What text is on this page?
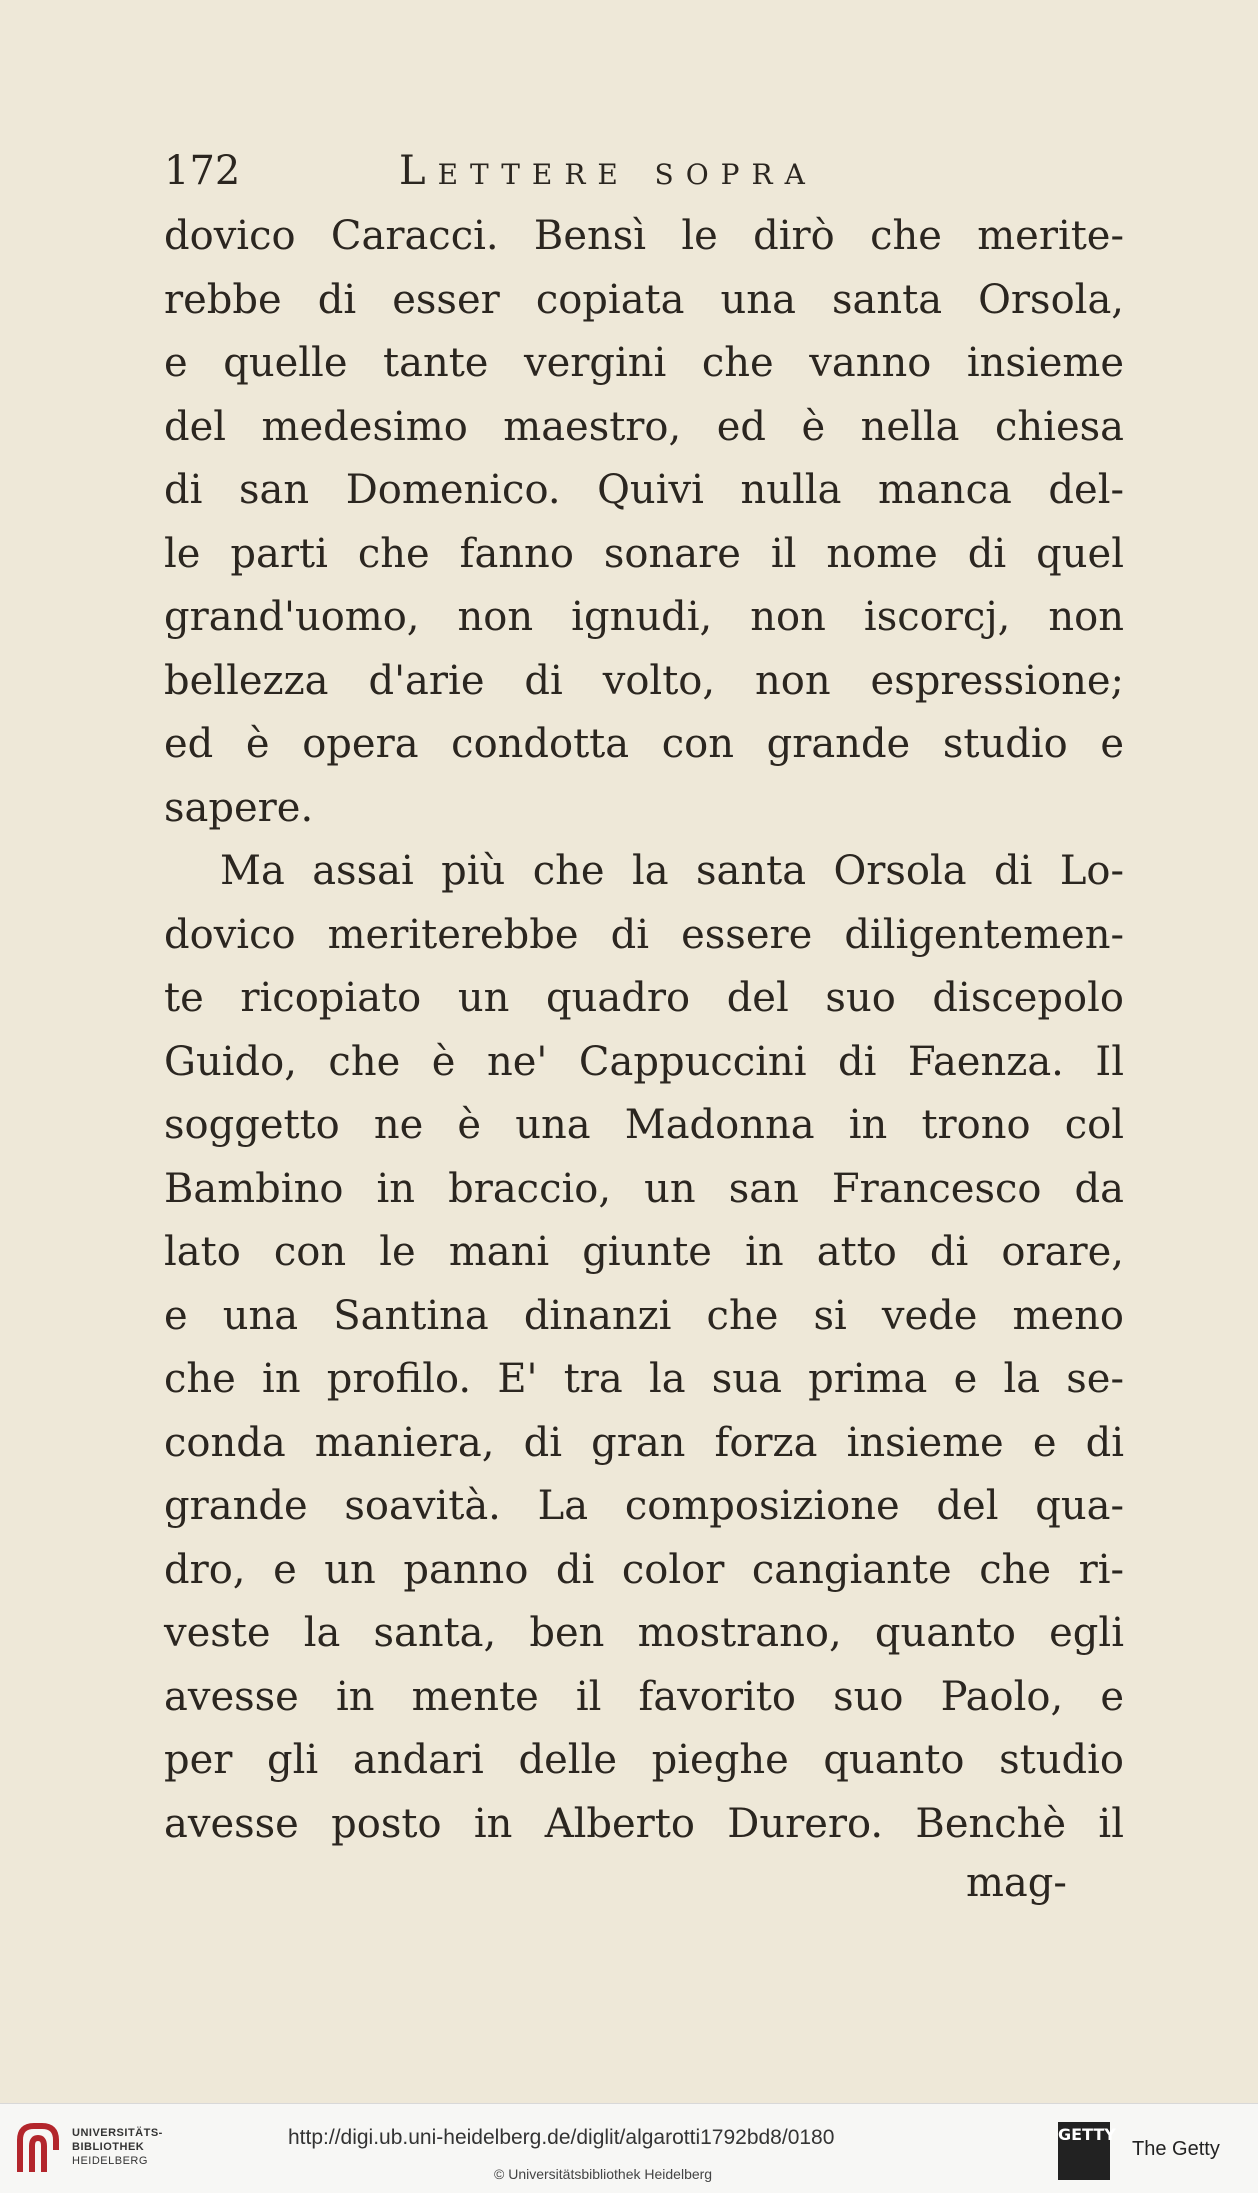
172	Lettere sopra
dovico Caracci. Bensì le dirò che merite-
rebbe di esser copiata una santa Orsola,
e quelle tante vergini che vanno insieme
del medesimo maestro, ed è nella chiesa
di san Domenico. Quivi nulla manca del-
le parti che fanno sonare il nome di quel
grand'uomo, non ignudi, non iscorcj, non
bellezza d'arie di volto, non espressione;
ed è opera condotta con grande studio e
sapere.
Ma assai più che la santa Orsola di Lo-
dovico meriterebbe di essere diligentemen-
te ricopiato un quadro del suo discepolo
Guido, che è ne' Cappuccini di Faenza. Il
soggetto ne è una Madonna in trono col
Bambino in braccio, un san Francesco da
lato con le mani giunte in atto di orare,
e una Santina dinanzi che si vede meno
che in profilo. E' tra la sua prima e la se-
conda maniera, di gran forza insieme e di
grande soavità. La composizione del qua-
dro, e un panno di color cangiante che ri-
veste la santa, ben mostrano, quanto egli
avesse in mente il favorito suo Paolo, e
per gli andari delle pieghe quanto studio
avesse posto in Alberto Durero. Benchè il
mag-
UNIVERSITÄTS-
BIBLIOTHEK
HEIDELBERG
http://digi.ub.uni-heidelberg.de/diglit/algarotti1792bd8/0180
© Universitätsbibliothek Heidelberg
GETTY
The Getty
